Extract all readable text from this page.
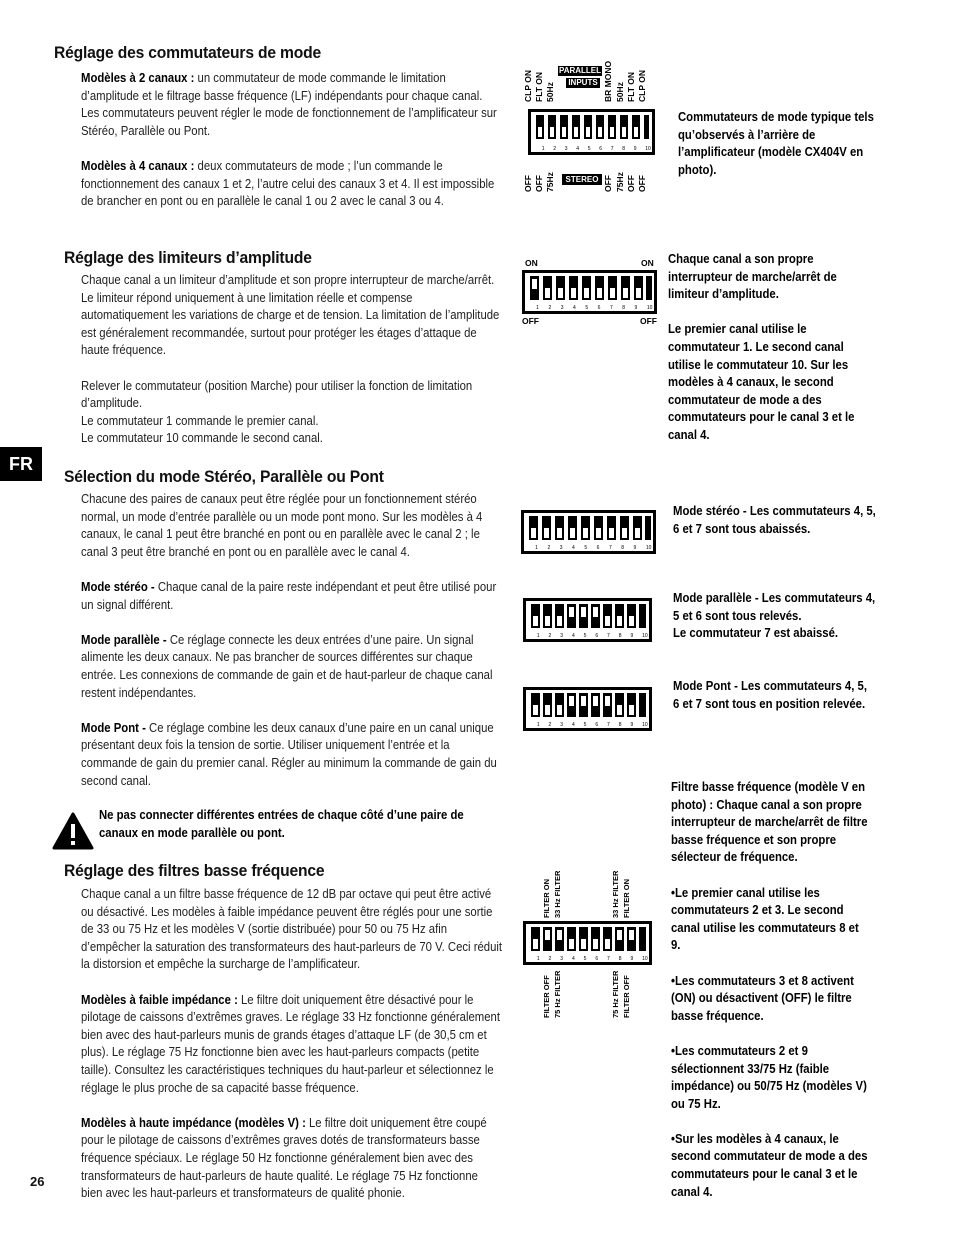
FR
26
Réglage des commutateurs de mode

Modèles à 2 canaux : un commutateur de mode commande le limitation d’amplitude et le filtrage basse fréquence (LF) indépendants pour chaque canal. Les commutateurs peuvent régler le mode de fonctionnement de l’amplificateur sur Stéréo, Parallèle ou Pont.

Modèles à 4 canaux : deux commutateurs de mode ; l’un commande le fonctionnement des canaux 1 et 2, l’autre celui des canaux 3 et 4. Il est impossible de brancher en pont ou en parallèle le canal 1 ou 2 avec le canal 3 ou 4.

CLP ON FLT ON 50Hz
PARALLEL
INPUTS BR MONO 50Hz FLT ON CLP ON
1 2 3 4 5 6 7 8 9 10
OFF OFF 75Hz	STEREO OFF 75Hz OFF OFF
Commutateurs de mode typique tels qu’observés à l’arrière de l’amplificateur (modèle CX404V en photo).
Réglage des limiteurs d’amplitude

Chaque canal a un limiteur d’amplitude et son propre interrupteur de marche/arrêt. Le limiteur répond uniquement à une limitation réelle et compense automatiquement les variations de charge et de tension. La limitation de l’amplitude est généralement recommandée, surtout pour protéger les étages d’attaque de haute fréquence.

Relever le commutateur (position Marche) pour utiliser la fonction de limitation d’amplitude.
Le commutateur 1 commande le premier canal.
Le commutateur 10 commande le second canal.
ON	ON
1 2 3 4 5 6 7 8 9 10
OFF	OFF

Chaque canal a son propre interrupteur de marche/arrêt de limiteur d’amplitude.

Le premier canal utilise le commutateur 1. Le second canal utilise le commutateur 10. Sur les modèles à 4 canaux, le second commutateur de mode a des commutateurs pour le canal 3 et le canal 4.

Sélection du mode Stéréo, Parallèle ou Pont

Chacune des paires de canaux peut être réglée pour un fonctionnement stéréo normal, un mode d’entrée parallèle ou un mode pont mono. Sur les modèles à 4 canaux, le canal 1 peut être branché en pont ou en parallèle avec le canal 2 ; le canal 3 peut être branché en pont ou en parallèle avec le canal 4.

Mode stéréo - Chaque canal de la paire reste indépendant et peut être utilisé pour un signal différent.

Mode parallèle - Ce réglage connecte les deux entrées d’une paire. Un signal alimente les deux canaux. Ne pas brancher de sources différentes sur chaque entrée. Les connexions de commande de gain et de haut-parleur de chaque canal restent indépendantes.

Mode Pont - Ce réglage combine les deux canaux d’une paire en un canal unique présentant deux fois la tension de sortie. Utiliser uniquement l’entrée et la commande de gain du premier canal. Régler au minimum la commande de gain du second canal.

1 2 3 4 5 6 7 8 9 10
1 2 3 4 5 6 7 8 9 10
1 2 3 4 5 6 7 8 9 10
Mode stéréo - Les commutateurs 4, 5, 6 et 7 sont tous abaissés.
Mode parallèle - Les commutateurs 4, 5 et 6 sont tous relevés.
Le commutateur 7 est abaissé.
Mode Pont - Les commutateurs 4, 5, 6 et 7 sont tous en position relevée.
Ne pas connecter différentes entrées de chaque côté d’une paire de canaux en mode parallèle ou pont.
Réglage des filtres basse fréquence

Chaque canal a un filtre basse fréquence de 12 dB par octave qui peut être activé ou désactivé. Les modèles à faible impédance peuvent être réglés pour une sortie de 33 ou 75 Hz et les modèles V (sortie distribuée) pour 50 ou 75 Hz afin d’empêcher la saturation des transformateurs des haut-parleurs de 70 V. Ceci réduit la distorsion et empêche la surcharge de l’amplificateur.

Modèles à faible impédance : Le filtre doit uniquement être désactivé pour le pilotage de caissons d’extrêmes graves. Le réglage 33 Hz fonctionne généralement bien avec des haut-parleurs munis de grands étages d’attaque LF (de 30,5 cm et plus). Le réglage 75 Hz fonctionne bien avec les haut-parleurs compacts (petite taille). Consultez les caractéristiques techniques du haut-parleur et sélectionnez le réglage le plus proche de sa capacité basse fréquence.

Modèles à haute impédance (modèles V) : Le filtre doit uniquement être coupé pour le pilotage de caissons d’extrêmes graves dotés de transformateurs basse fréquence spéciaux. Le réglage 50 Hz fonctionne généralement bien avec des transformateurs de haut-parleurs de haute qualité. Le réglage 75 Hz fonctionne bien avec les haut-parleurs et transformateurs de qualité phonie.

FILTER ON 33 Hz FILTER	33 Hz FILTER FILTER ON
1 2 3 4 5 6 7 8 9 10
FILTER OFF 75 Hz FILTER	75 Hz FILTER FILTER OFF

Filtre basse fréquence (modèle V en photo) : Chaque canal a son propre interrupteur de marche/arrêt de filtre basse fréquence et son propre sélecteur de fréquence.

•Le premier canal utilise les commutateurs 2 et 3. Le second canal utilise les commutateurs 8 et 9.

•Les commutateurs 3 et 8 activent (ON) ou désactivent (OFF) le filtre basse fréquence.

•Les commutateurs 2 et 9 sélectionnent 33/75 Hz (faible impédance) ou 50/75 Hz (modèles V) ou 75 Hz.

•Sur les modèles à 4 canaux, le second commutateur de mode a des commutateurs pour le canal 3 et le canal 4.
